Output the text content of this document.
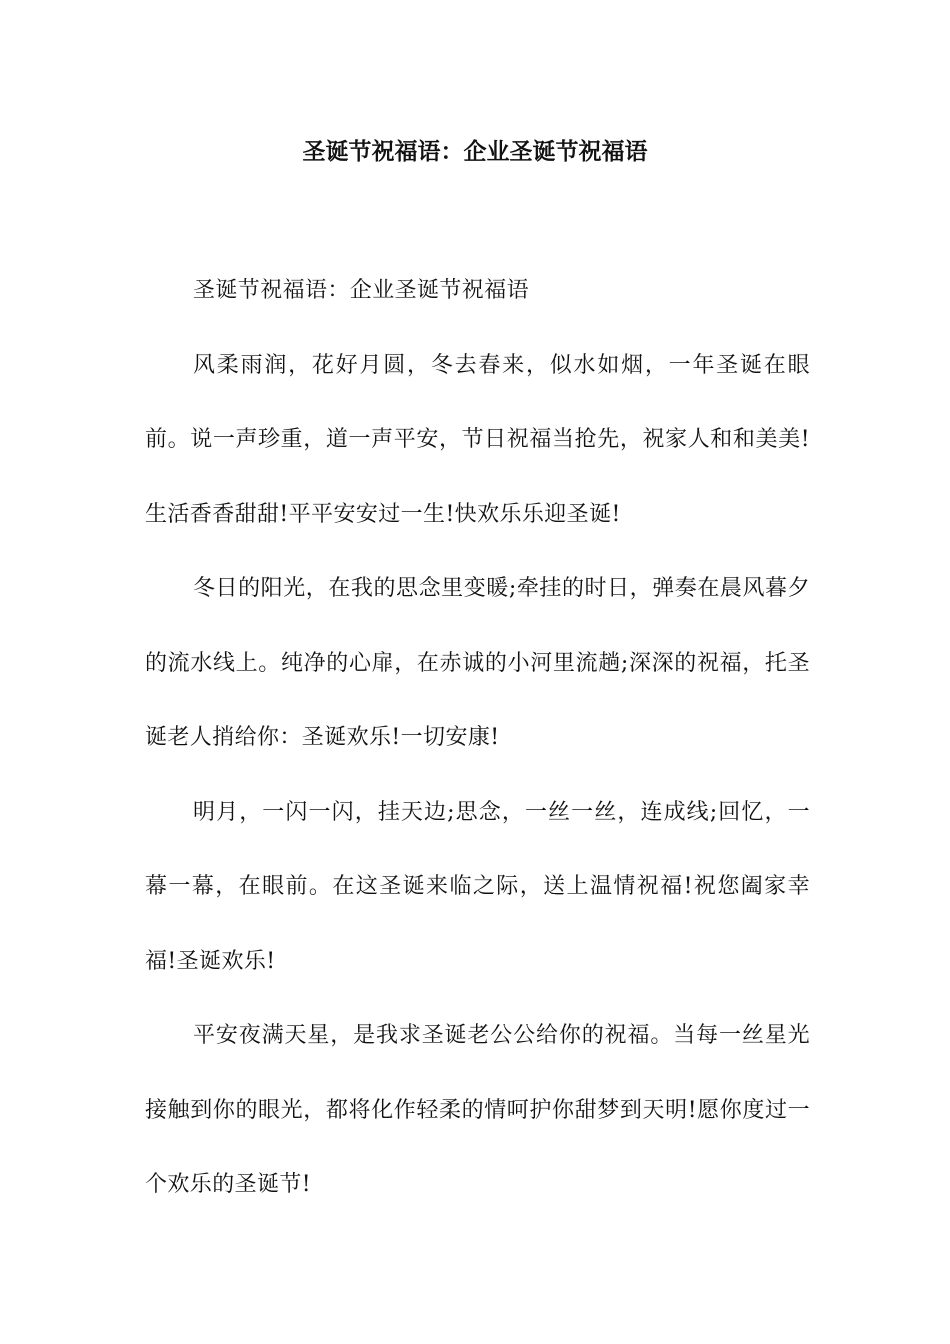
圣诞节祝福语：企业圣诞节祝福语

圣诞节祝福语：企业圣诞节祝福语

风柔雨润，花好月圆，冬去春来，似水如烟，一年圣诞在眼前。说一声珍重，道一声平安，节日祝福当抢先，祝家人和和美美!生活香香甜甜!平平安安过一生!快欢乐乐迎圣诞!

冬日的阳光，在我的思念里变暖;牵挂的时日，弹奏在晨风暮夕的流水线上。纯净的心扉，在赤诚的小河里流趟;深深的祝福，托圣诞老人捎给你：圣诞欢乐!一切安康!

明月，一闪一闪，挂天边;思念，一丝一丝，连成线;回忆，一幕一幕，在眼前。在这圣诞来临之际，送上温情祝福!祝您阖家幸福!圣诞欢乐!

平安夜满天星，是我求圣诞老公公给你的祝福。当每一丝星光接触到你的眼光，都将化作轻柔的情呵护你甜梦到天明!愿你度过一个欢乐的圣诞节!
